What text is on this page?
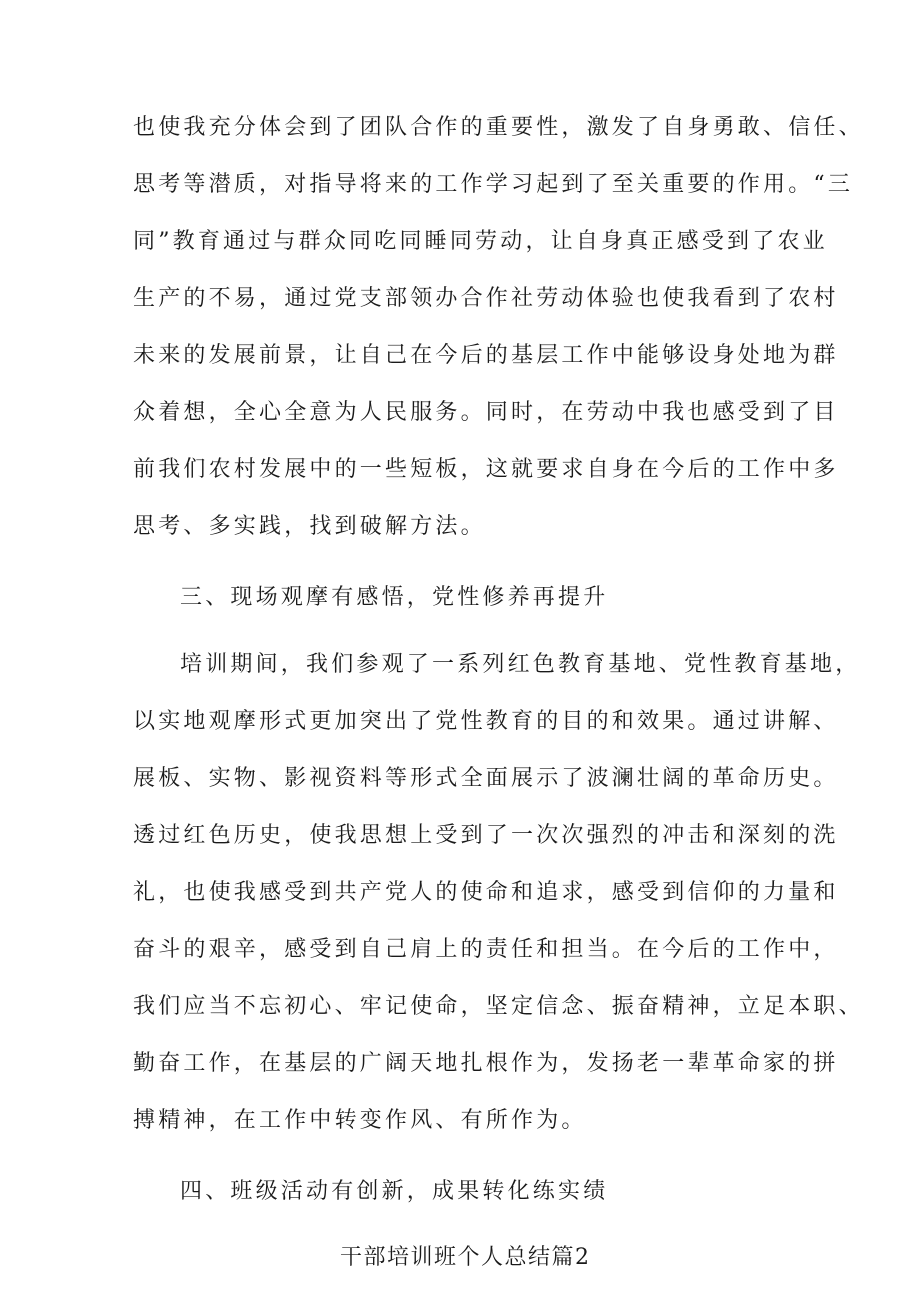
也使我充分体会到了团队合作的重要性，激发了自身勇敢、信任、
思考等潜质，对指导将来的工作学习起到了至关重要的作用。“三
同”教育通过与群众同吃同睡同劳动，让自身真正感受到了农业
生产的不易，通过党支部领办合作社劳动体验也使我看到了农村
未来的发展前景，让自己在今后的基层工作中能够设身处地为群
众着想，全心全意为人民服务。同时，在劳动中我也感受到了目
前我们农村发展中的一些短板，这就要求自身在今后的工作中多
思考、多实践，找到破解方法。
三、现场观摩有感悟，党性修养再提升
培训期间，我们参观了一系列红色教育基地、党性教育基地，
以实地观摩形式更加突出了党性教育的目的和效果。通过讲解、
展板、实物、影视资料等形式全面展示了波澜壮阔的革命历史。
透过红色历史，使我思想上受到了一次次强烈的冲击和深刻的洗
礼，也使我感受到共产党人的使命和追求，感受到信仰的力量和
奋斗的艰辛，感受到自己肩上的责任和担当。在今后的工作中，
我们应当不忘初心、牢记使命，坚定信念、振奋精神，立足本职、
勤奋工作，在基层的广阔天地扎根作为，发扬老一辈革命家的拼
搏精神，在工作中转变作风、有所作为。
四、班级活动有创新，成果转化练实绩
干部培训班个人总结篇2
